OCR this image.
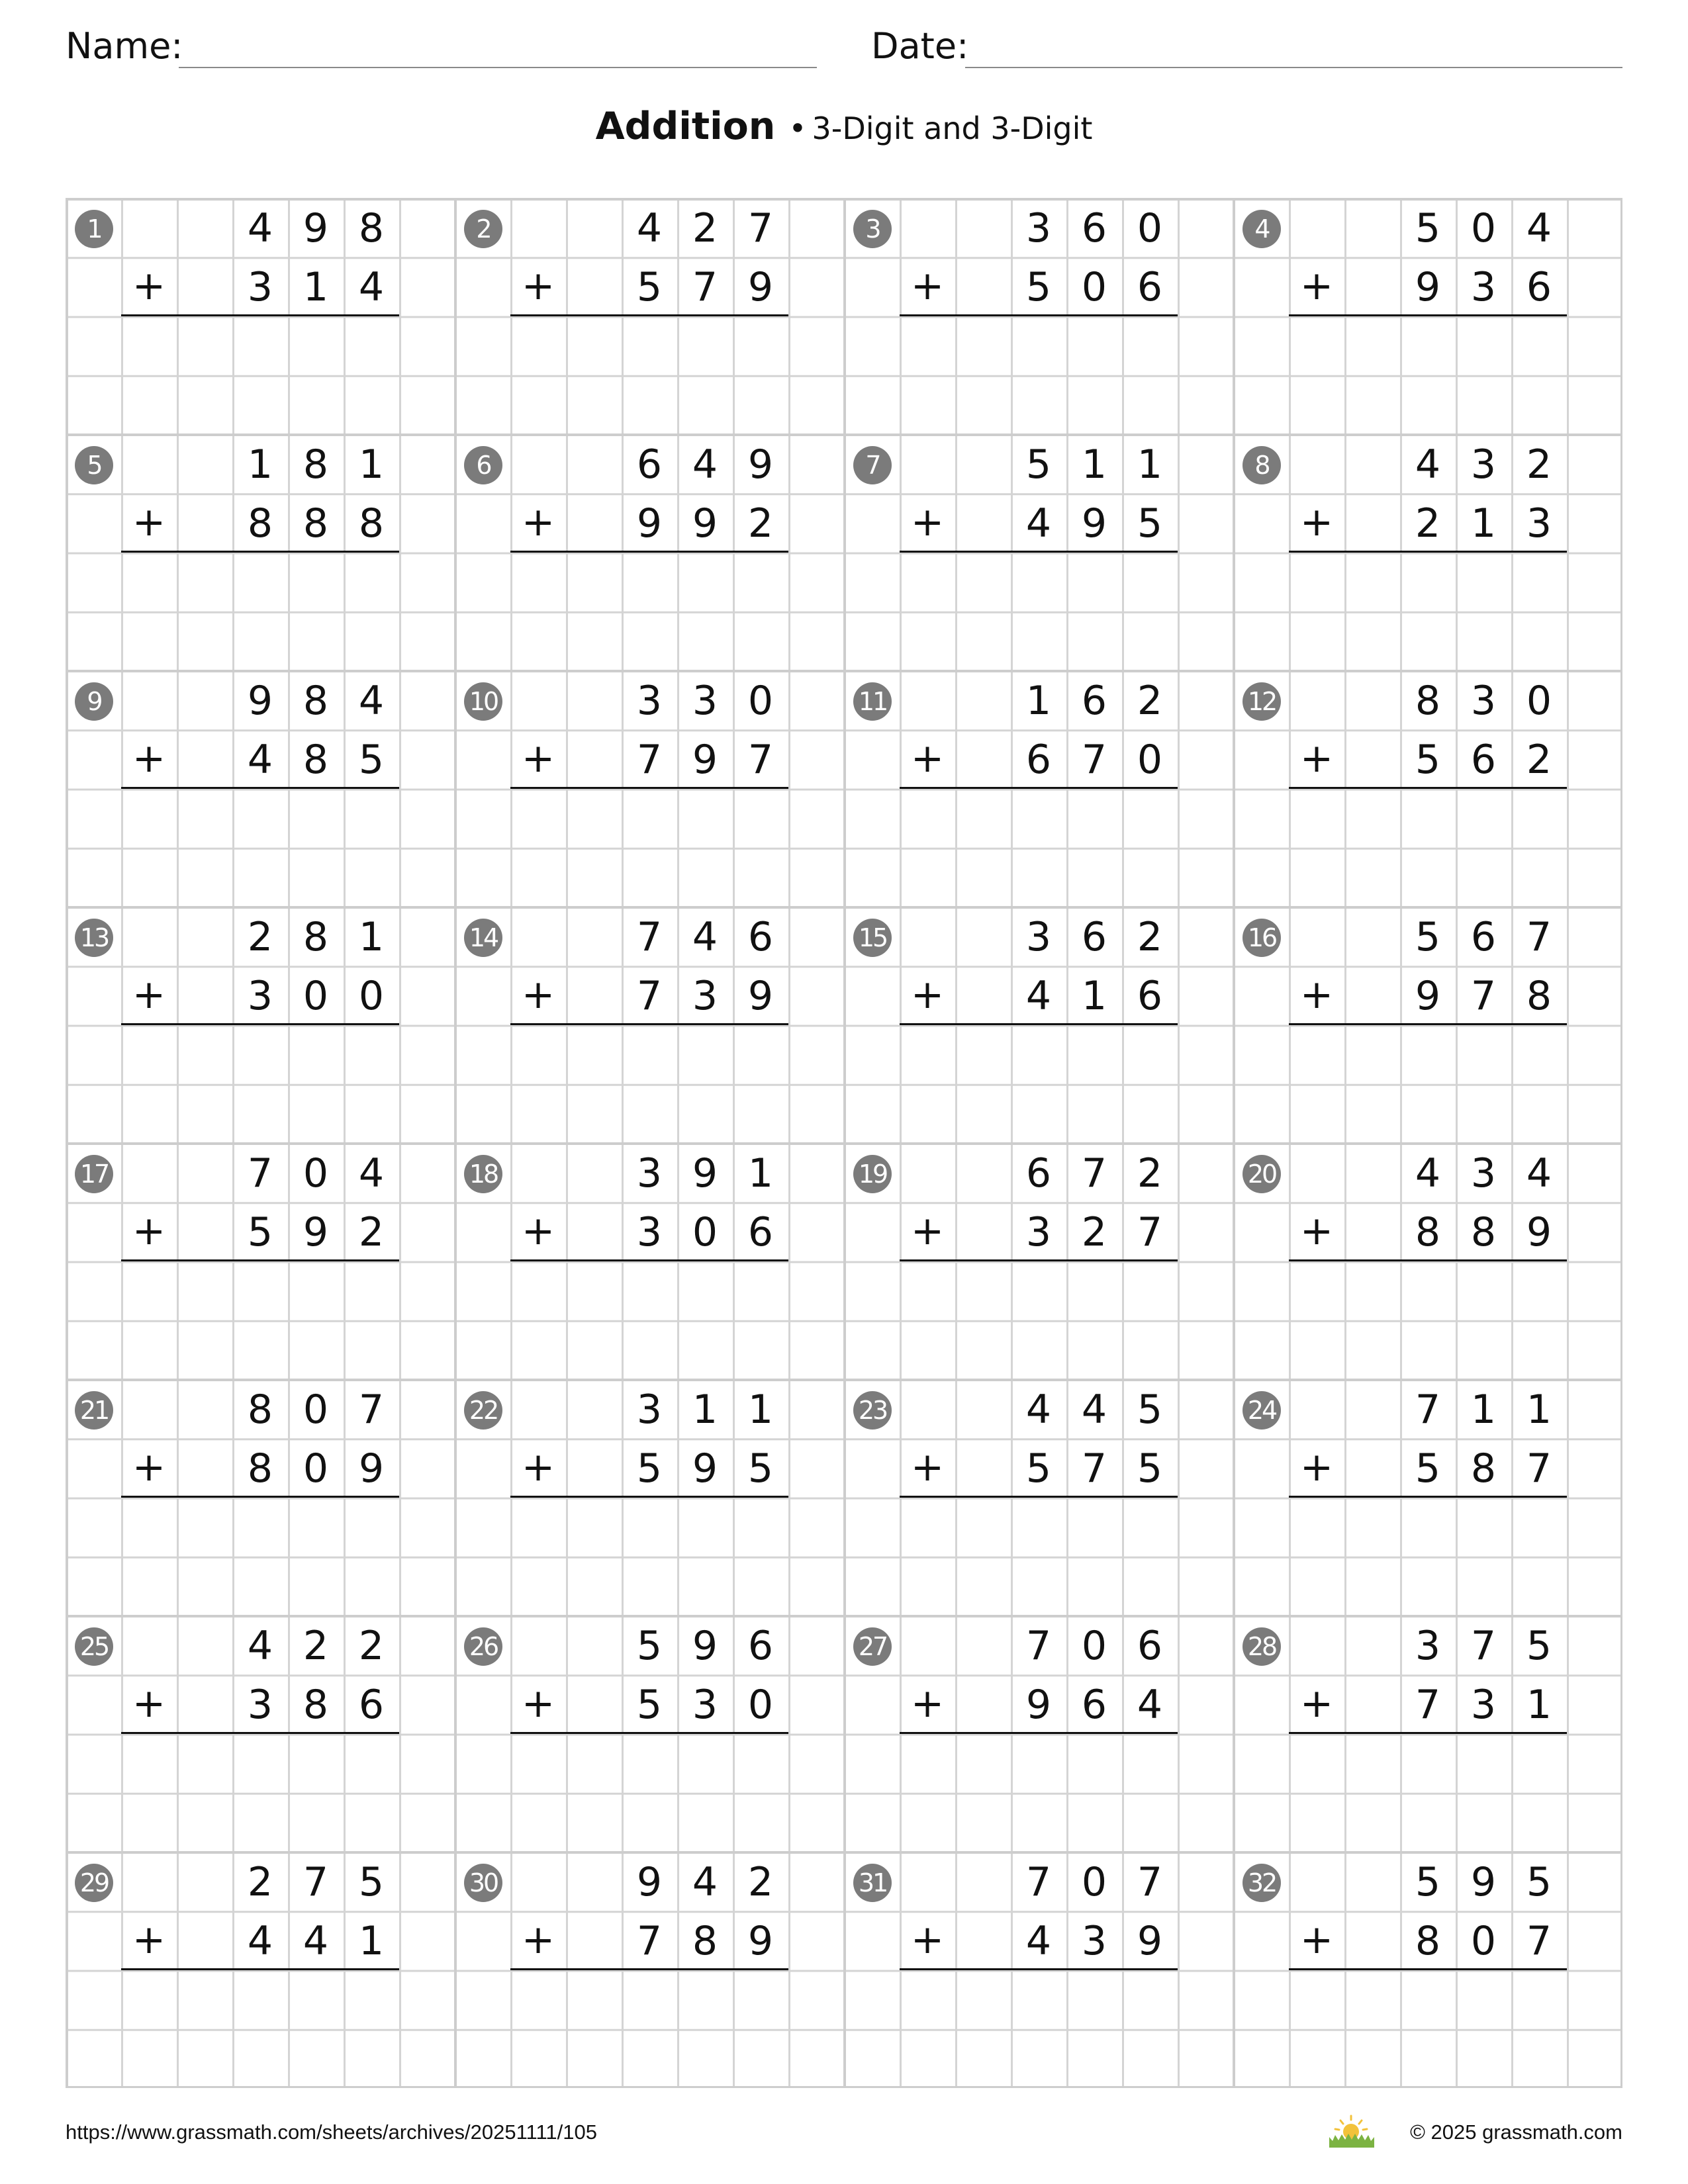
Name:	Date:
Addition • 3-Digit and 3-Digit
1	4 9 8
3 1 4
+
2	4 2 7
5 7 9
+
3	3 6 0
5 0 6
+
4	5 0 4
9 3 6
+
5	1 8 1
8 8 8
+
6	6 4 9
9 9 2
+
7	5 1 1
4 9 5
+
8	4 3 2
2 1 3
+
9	9 8 4
4 8 5
+
10	3 3 0
7 9 7
+
11	1 6 2
6 7 0
+
12	8 3 0
5 6 2
+
13	2 8 1
3 0 0
+
14	7 4 6
7 3 9
+
15	3 6 2
4 1 6
+
16	5 6 7
9 7 8
+
17	7 0 4
5 9 2
+
18	3 9 1
3 0 6
+
19	6 7 2
3 2 7
+
20	4 3 4
8 8 9
+
21	8 0 7
8 0 9
+
22	3 1 1
5 9 5
+
23	4 4 5
5 7 5
+
24	7 1 1
5 8 7
+
25	4 2 2
3 8 6
+
26	5 9 6
5 3 0
+
27	7 0 6
9 6 4
+
28	3 7 5
7 3 1
+
29	2 7 5
4 4 1
+
30	9 4 2
7 8 9
+
31	7 0 7
4 3 9
+
32	5 9 5
8 0 7
+
https://www.grassmath.com/sheets/archives/20251111/105	© 2025 grassmath.com
